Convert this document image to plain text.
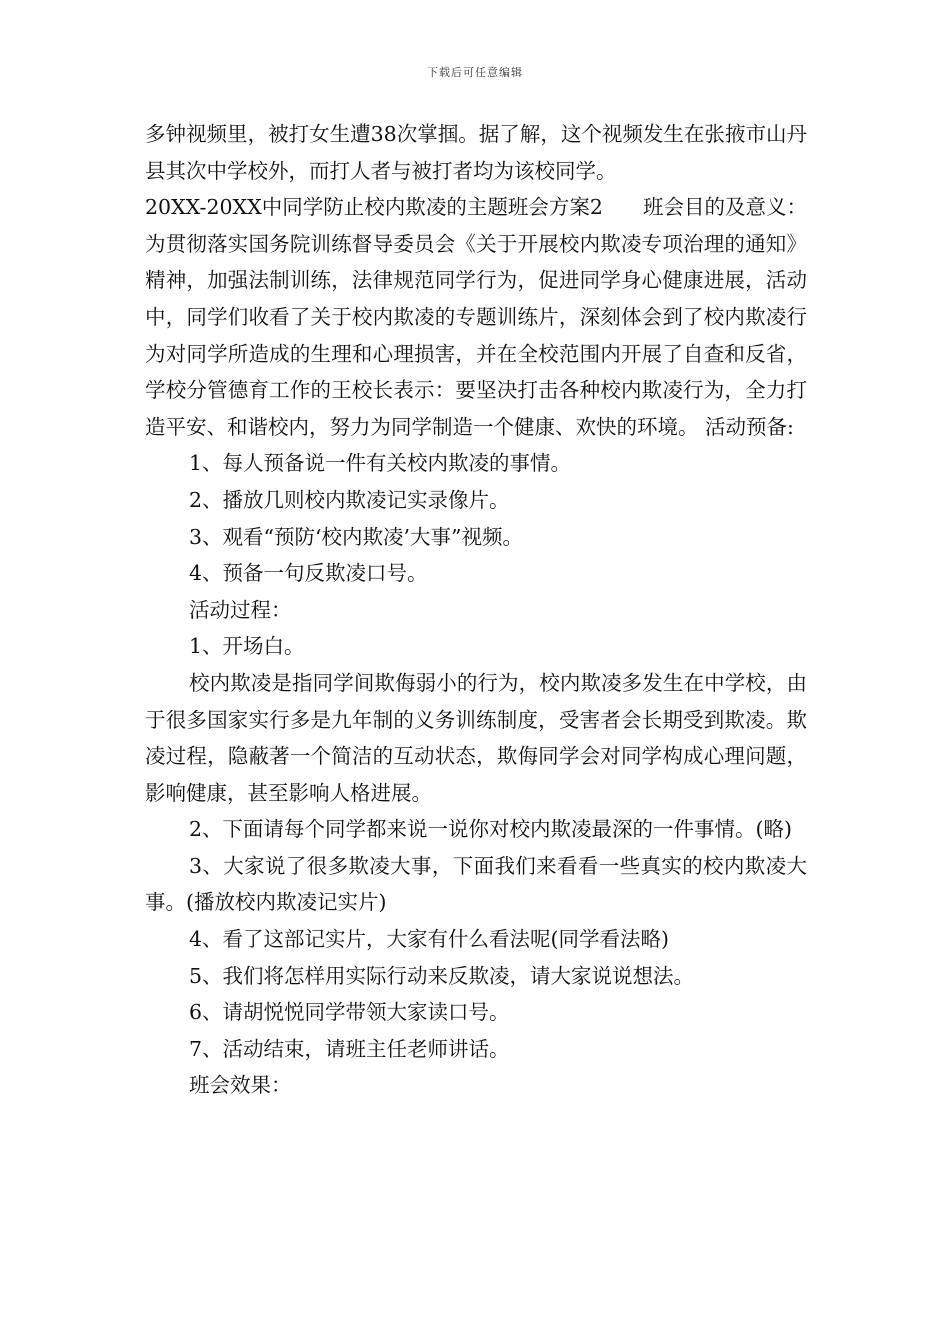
下载后可任意编辑

多钟视频里，被打女生遭38次掌掴。据了解，这个视频发生在张掖市山丹县其次中学校外，而打人者与被打者均为该校同学。

20XX-20XX中同学防止校内欺凌的主题班会方案2 班会目的及意义：为贯彻落实国务院训练督导委员会《关于开展校内欺凌专项治理的通知》精神，加强法制训练，法律规范同学行为，促进同学身心健康进展，活动中，同学们收看了关于校内欺凌的专题训练片，深刻体会到了校内欺凌行为对同学所造成的生理和心理损害，并在全校范围内开展了自查和反省，学校分管德育工作的王校长表示：要坚决打击各种校内欺凌行为，全力打造平安、和谐校内，努力为同学制造一个健康、欢快的环境。 活动预备:

1、每人预备说一件有关校内欺凌的事情。

2、播放几则校内欺凌记实录像片。

3、观看“预防‘校内欺凌’大事”视频。

4、预备一句反欺凌口号。

活动过程：

1、开场白。

校内欺凌是指同学间欺侮弱小的行为，校内欺凌多发生在中学校，由于很多国家实行多是九年制的义务训练制度，受害者会长期受到欺凌。欺凌过程，隐蔽著一个简洁的互动状态，欺侮同学会对同学构成心理问题，影响健康，甚至影响人格进展。

2、下面请每个同学都来说一说你对校内欺凌最深的一件事情。(略)

3、大家说了很多欺凌大事，下面我们来看看一些真实的校内欺凌大事。(播放校内欺凌记实片)

4、看了这部记实片，大家有什么看法呢(同学看法略)

5、我们将怎样用实际行动来反欺凌，请大家说说想法。

6、请胡悦悦同学带领大家读口号。

7、活动结束，请班主任老师讲话。

班会效果：
